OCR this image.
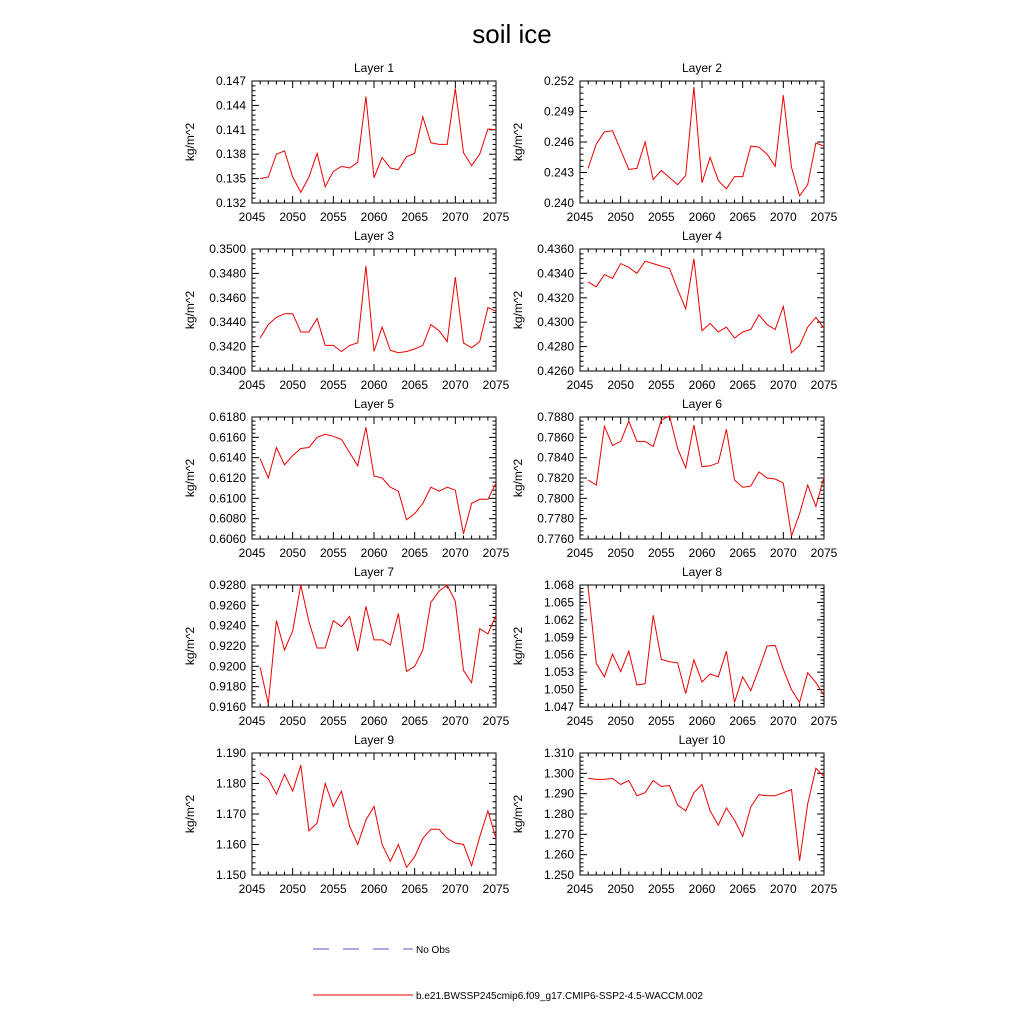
soil ice
Layer 1
2045 2050 2055 2060 2065 2070 2075
0.132
0.135
0.138
0.141
0.144
0.147
kg/m^2
Layer 2
2045 2050 2055 2060 2065 2070 2075
0.240
0.243
0.246
0.249
0.252
kg/m^2
Layer 3
2045 2050 2055 2060 2065 2070 2075
0.3400
0.3420
0.3440
0.3460
0.3480
0.3500
kg/m^2
Layer 4
2045 2050 2055 2060 2065 2070 2075
0.4260
0.4280
0.4300
0.4320
0.4340
0.4360
kg/m^2
Layer 5
2045 2050 2055 2060 2065 2070 2075
0.6060
0.6080
0.6100
0.6120
0.6140
0.6160
0.6180
kg/m^2
Layer 6
2045 2050 2055 2060 2065 2070 2075
0.7760
0.7780
0.7800
0.7820
0.7840
0.7860
0.7880
kg/m^2
Layer 7
2045 2050 2055 2060 2065 2070 2075
0.9160
0.9180
0.9200
0.9220
0.9240
0.9260
0.9280
kg/m^2
Layer 8
2045 2050 2055 2060 2065 2070 2075
1.047
1.050
1.053
1.056
1.059
1.062
1.065
1.068
kg/m^2
Layer 9
2045 2050 2055 2060 2065 2070 2075
1.150
1.160
1.170
1.180
1.190
kg/m^2
Layer 10
2045 2050 2055 2060 2065 2070 2075
1.250
1.260
1.270
1.280
1.290
1.300
1.310
kg/m^2
No Obs
b.e21.BWSSP245cmip6.f09_g17.CMIP6-SSP2-4.5-WACCM.002
